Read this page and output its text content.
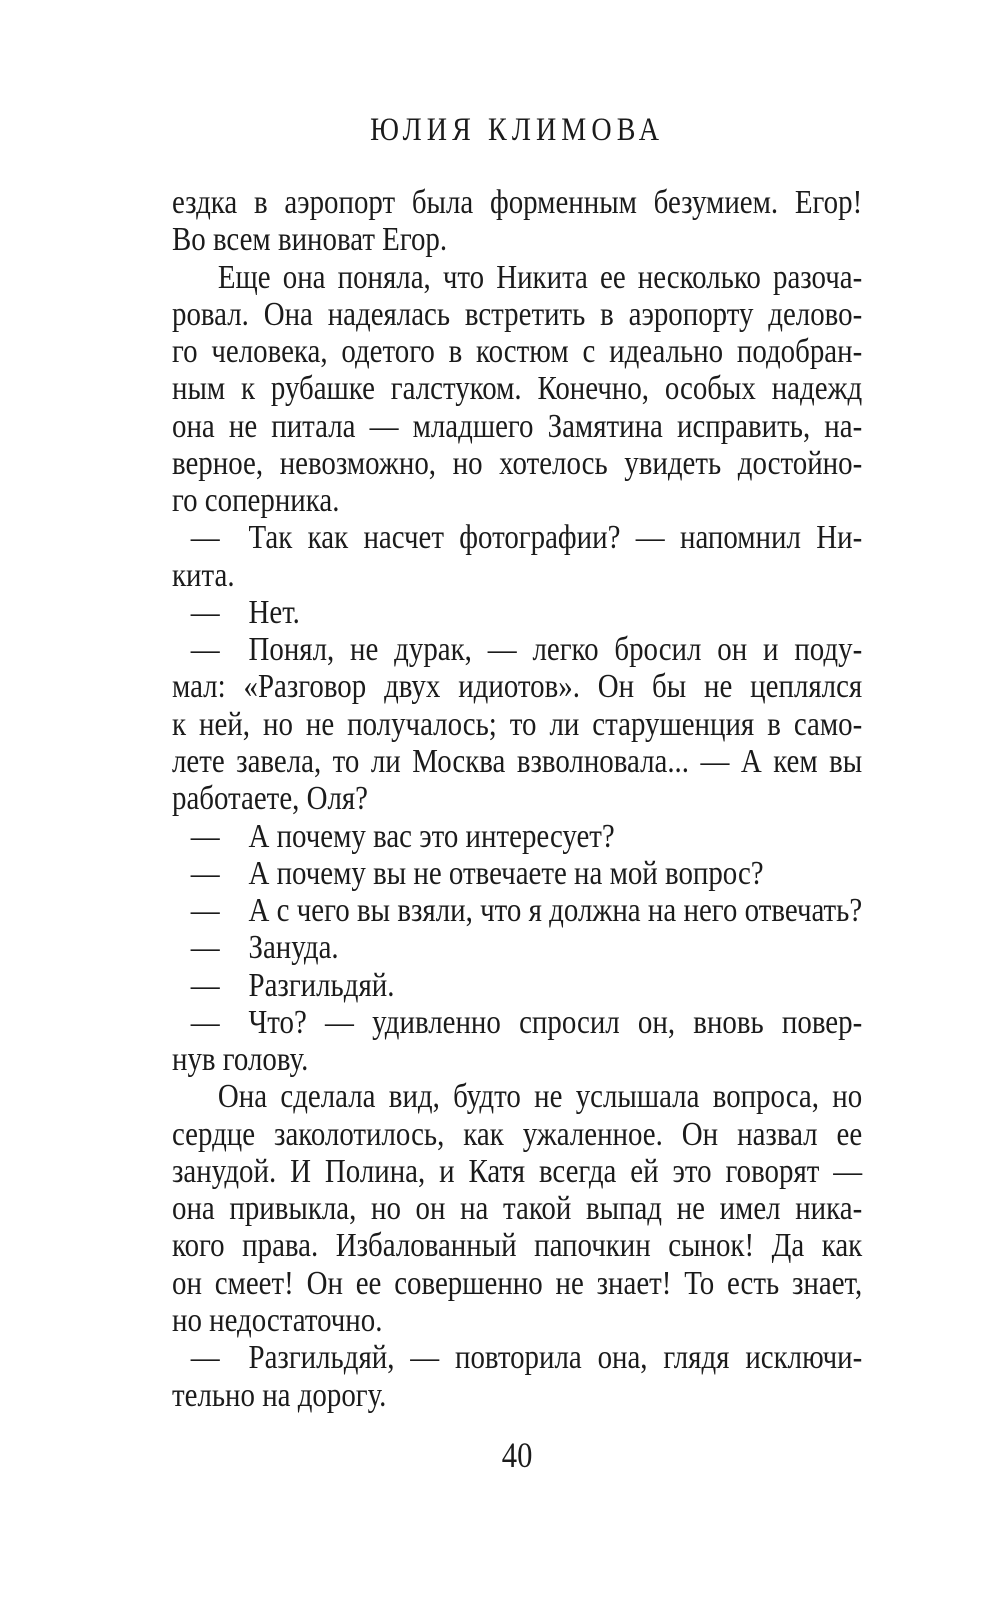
ЮЛИЯ КЛИМОВА
ездка в аэропорт была форменным безумием. Егор!
Во всем виноват Егор.
Еще она поняла, что Никита ее несколько разоча-
ровал. Она надеялась встретить в аэропорту делово-
го человека, одетого в костюм с идеально подобран-
ным к рубашке галстуком. Конечно, особых надежд
она не питала — младшего Замятина исправить, на-
верное, невозможно, но хотелось увидеть достойно-
го соперника.
— Так как насчет фотографии? — напомнил Ни-
кита.
— Нет.
— Понял, не дурак, — легко бросил он и поду-
мал: «Разговор двух идиотов». Он бы не цеплялся
к ней, но не получалось; то ли старушенция в само-
лете завела, то ли Москва взволновала... — А кем вы
работаете, Оля?
— А почему вас это интересует?
— А почему вы не отвечаете на мой вопрос?
— А с чего вы взяли, что я должна на него отвечать?
— Зануда.
— Разгильдяй.
— Что? — удивленно спросил он, вновь повер-
нув голову.
Она сделала вид, будто не услышала вопроса, но
сердце заколотилось, как ужаленное. Он назвал ее
занудой. И Полина, и Катя всегда ей это говорят —
она привыкла, но он на такой выпад не имел ника-
кого права. Избалованный папочкин сынок! Да как
он смеет! Он ее совершенно не знает! То есть знает,
но недостаточно.
— Разгильдяй, — повторила она, глядя исключи-
тельно на дорогу.
40
